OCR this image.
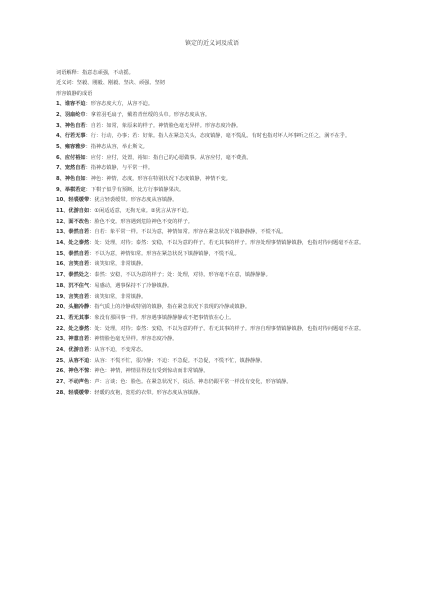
镇定的近义词及成语
词语解释：指意态顽强，不动摇。
近义词：坚毅、刚毅、刚毅、坚决、顽强、坚韧
形容镇静的成语
1、谁容不迫：形容态度大方，从容不迫。
2、羽扇纶巾：拿着羽毛扇子，戴着青丝绶的头巾。形容态度从容。
3、神色自若：自若：如常，象原来的样子。神情脸色毫无异样。形容态度冷静。
4、行若无事：行：行动，办事；若：好象。指人在紧急关头，态度镇静，毫不慌乱。有时也指对坏人坏事听之任之，满不在乎。
5、雍容雅步：指神态从容，举止斯文。
6、应付裕如：应付：应付，处置，裕如：指自己的心愿做事。从容应付，毫不费劲。
7、宠然自若：指神态镇静，与平常一样。
8、神色自如：神色：神情，态度。形容在特别状况下态度镇静，神情不变。
9、举棋若定：下棋子似乎有预断，比方行事镇静果决。
10、轻裘缓带：犹言轻裘缓带。形容态度从容镇静。
11、优游自如：①闲适适意，无拘无束。②犹言从容不迫。
12、面不改色：脸色不变。形容遇到危险神色不变的样子。
13、泰然自若：自若：象平常一样。不以为意，神情如常。形容在紧急状况下镇静静静，不慌不乱。
14、处之泰然：处：处理，对待；泰然：安稳，不以为意的样子。若无其事的样子。形容处理事情镇静镇静，也指对待问题毫不在意。
15、泰然自若：不以为意，神情如常。形容在紧急状况下镇静镇静，不慌不乱。
16、言笑自若：谈笑如常，非常镇静。
17、泰然处之：泰然：安稳，不以为意的样子；处：处理，对待。形容毫不在意，镇静静静。
18、沉不住气：易感动，遇事保持不了冷静镇静。
19、言笑自若：谈笑如常，非常镇静。
20、头脑冷静：指气质上的冷静或特别的镇静，指在紧急状况下表现的冷静或镇静。
21、若无其事：象没有那回事一样。形容遇事镇静静静或不把事情放在心上。
22、处之泰然：处：处理，对待；泰然：安稳，不以为意的样子。若无其事的样子。形容自理事情镇静镇静，也指对待问题毫不在意。
23、神意自若：神情脸色毫无异样。形容态度冷静。
24、优游自若：从容不迫，不变常态。
25、从容不迫：从容：不慌不忙，很冷静；不迫：不急促。不急促，不慌不忙，镇静静静。
26、神色不惊：神色：神情，神情显得没有受到惊动而非常镇静。
27、不动声色：声：言谈；色：脸色。在紧急状况下，说话、神态仍跟平常一样没有变化，形容镇静。
28、轻裘缓带：轻暖的皮袍，宽松的衣带。形容态度从容镇静。
